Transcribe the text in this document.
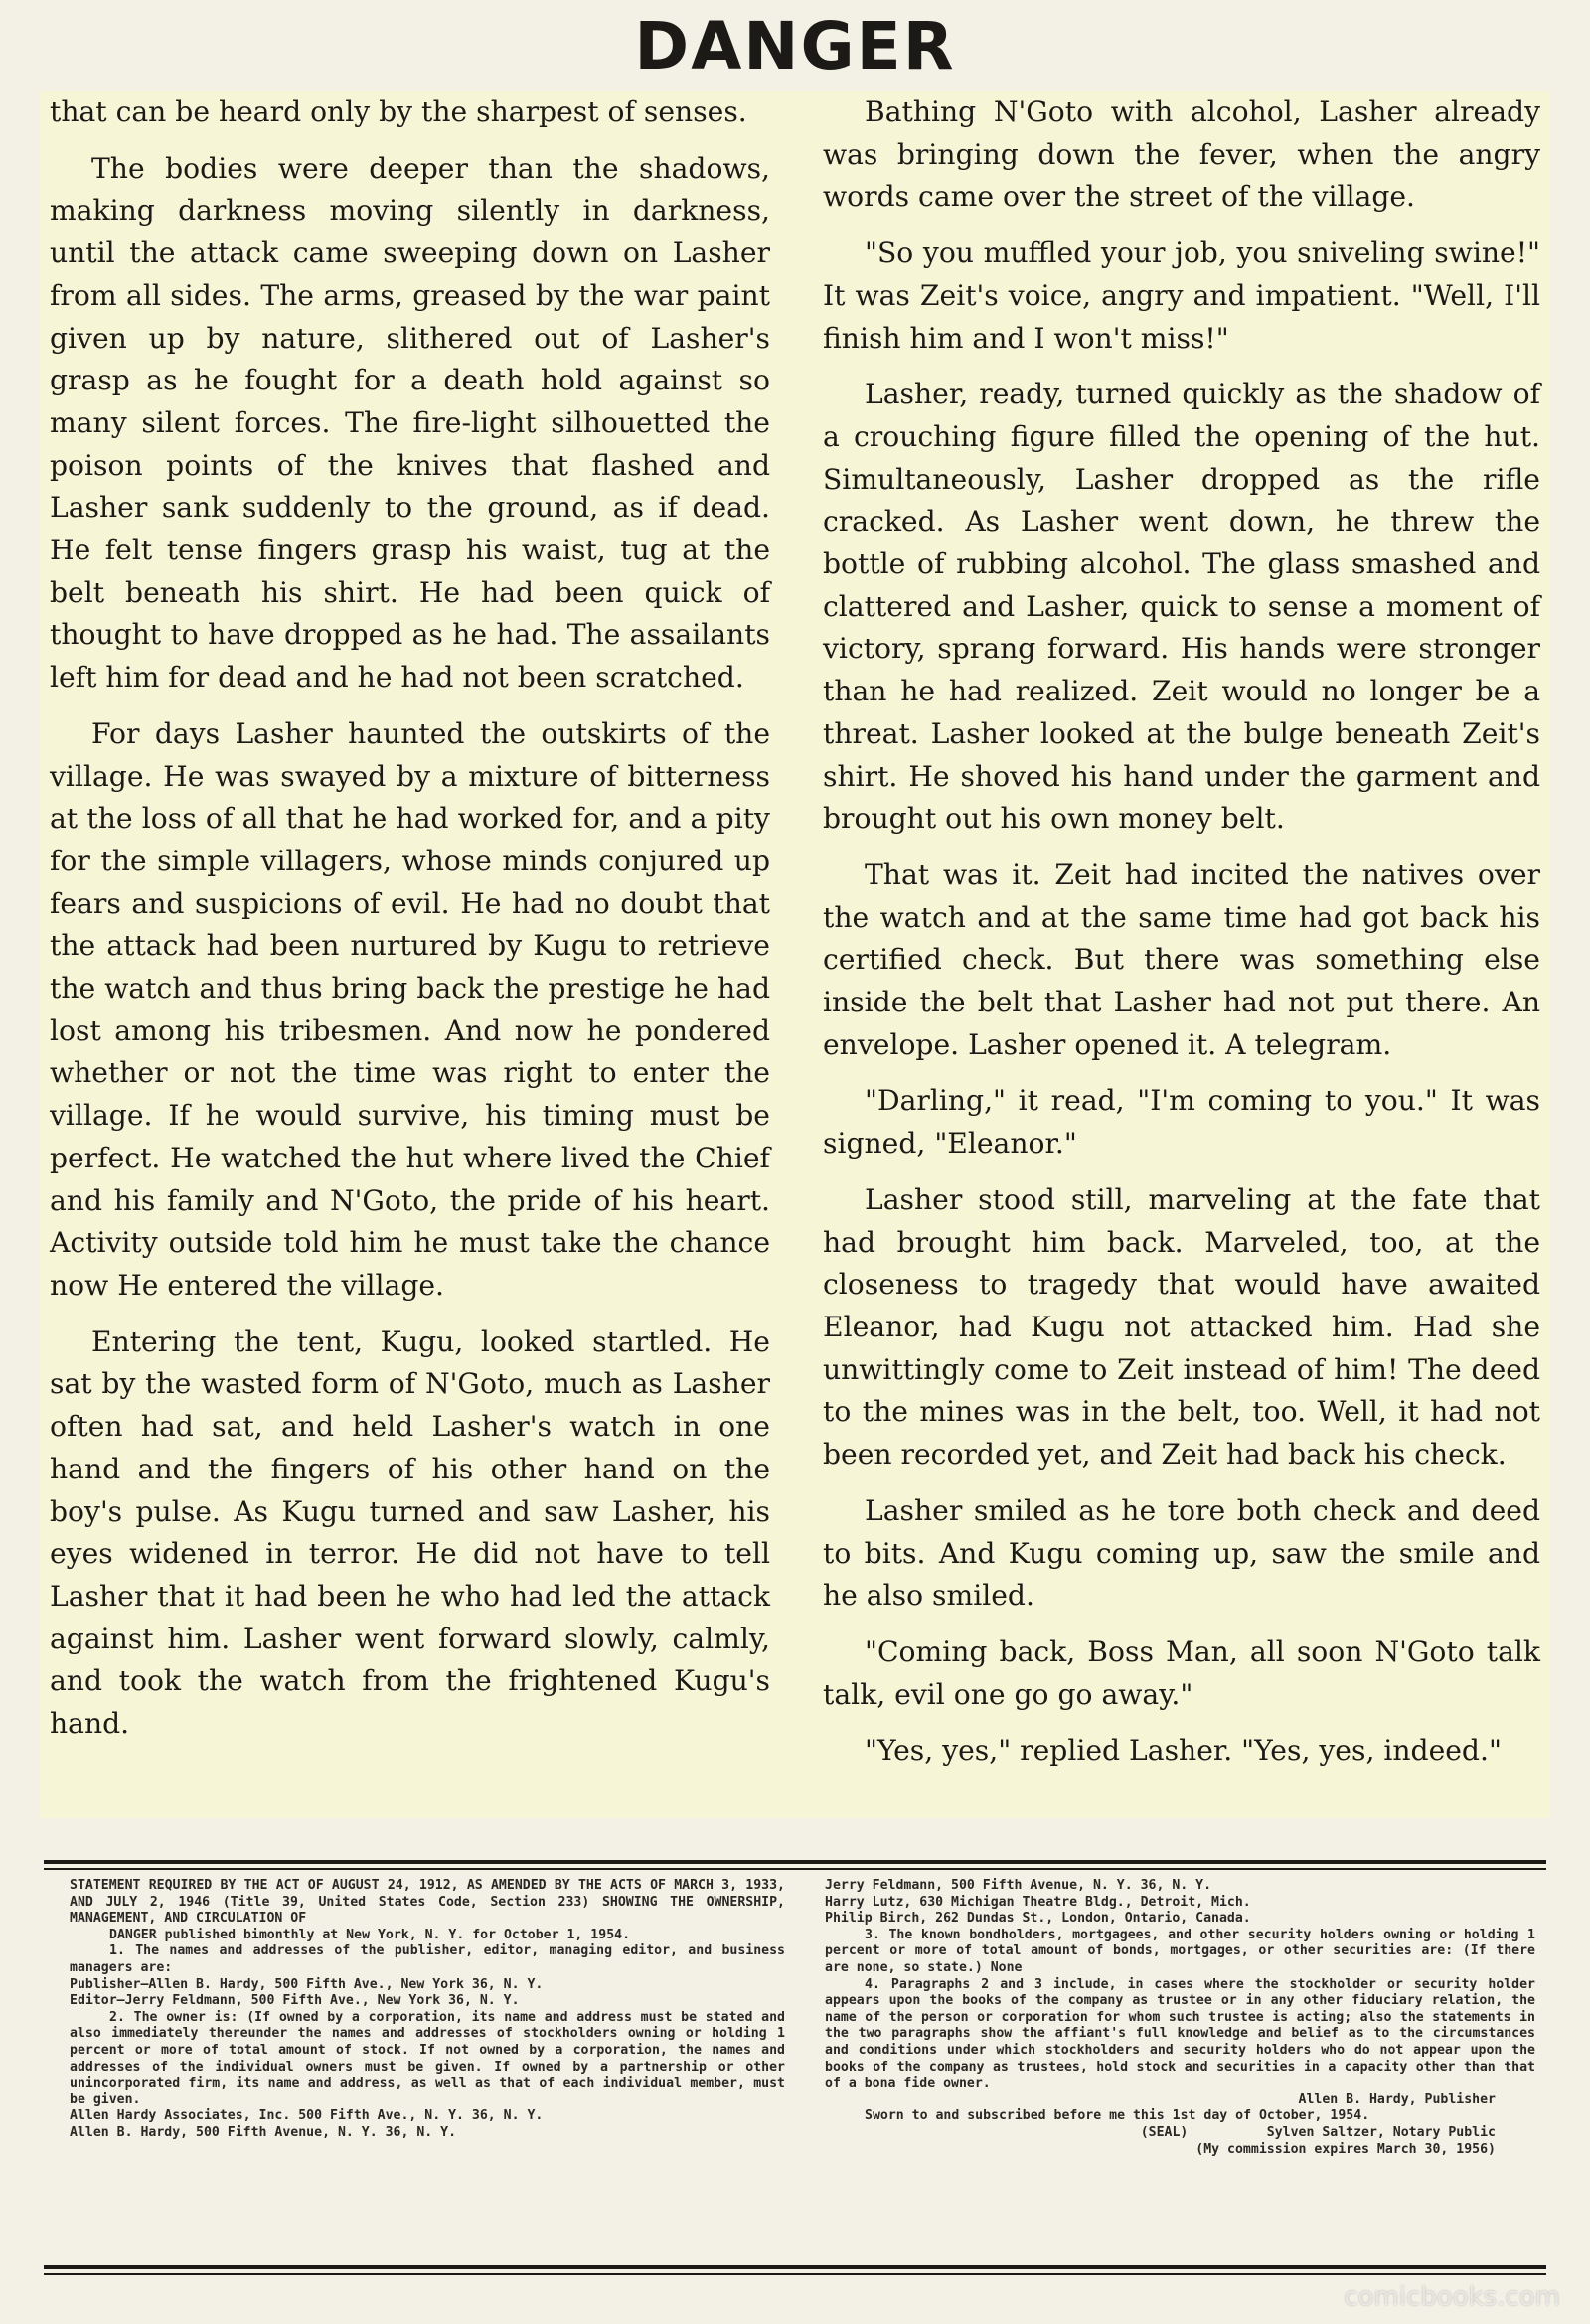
DANGER

that can be heard only by the sharpest of senses.

The bodies were deeper than the shadows, making darkness moving silently in darkness, until the attack came sweeping down on Lasher from all sides. The arms, greased by the war paint given up by nature, slithered out of Lasher's grasp as he fought for a death hold against so many silent forces. The fire-light silhouetted the poison points of the knives that flashed and Lasher sank suddenly to the ground, as if dead. He felt tense fingers grasp his waist, tug at the belt beneath his shirt. He had been quick of thought to have dropped as he had. The assailants left him for dead and he had not been scratched.

For days Lasher haunted the outskirts of the village. He was swayed by a mixture of bitterness at the loss of all that he had worked for, and a pity for the simple villagers, whose minds conjured up fears and suspicions of evil. He had no doubt that the attack had been nurtured by Kugu to retrieve the watch and thus bring back the prestige he had lost among his tribesmen. And now he pondered whether or not the time was right to enter the village. If he would survive, his timing must be perfect. He watched the hut where lived the Chief and his family and N'Goto, the pride of his heart. Activity outside told him he must take the chance now He entered the village.

Entering the tent, Kugu, looked startled. He sat by the wasted form of N'Goto, much as Lasher often had sat, and held Lasher's watch in one hand and the fingers of his other hand on the boy's pulse. As Kugu turned and saw Lasher, his eyes widened in terror. He did not have to tell Lasher that it had been he who had led the attack against him. Lasher went forward slowly, calmly, and took the watch from the frightened Kugu's hand.

Bathing N'Goto with alcohol, Lasher already was bringing down the fever, when the angry words came over the street of the village.

"So you muffled your job, you sniveling swine!" It was Zeit's voice, angry and impatient. "Well, I'll finish him and I won't miss!"

Lasher, ready, turned quickly as the shadow of a crouching figure filled the opening of the hut. Simultaneously, Lasher dropped as the rifle cracked. As Lasher went down, he threw the bottle of rubbing alcohol. The glass smashed and clattered and Lasher, quick to sense a moment of victory, sprang forward. His hands were stronger than he had realized. Zeit would no longer be a threat. Lasher looked at the bulge beneath Zeit's shirt. He shoved his hand under the garment and brought out his own money belt.

That was it. Zeit had incited the natives over the watch and at the same time had got back his certified check. But there was something else inside the belt that Lasher had not put there. An envelope. Lasher opened it. A telegram.

"Darling," it read, "I'm coming to you." It was signed, "Eleanor."

Lasher stood still, marveling at the fate that had brought him back. Marveled, too, at the closeness to tragedy that would have awaited Eleanor, had Kugu not attacked him. Had she unwittingly come to Zeit instead of him! The deed to the mines was in the belt, too. Well, it had not been recorded yet, and Zeit had back his check.

Lasher smiled as he tore both check and deed to bits. And Kugu coming up, saw the smile and he also smiled.

"Coming back, Boss Man, all soon N'Goto talk talk, evil one go go away."

"Yes, yes," replied Lasher. "Yes, yes, indeed."

STATEMENT REQUIRED BY THE ACT OF AUGUST 24, 1912, AS AMENDED BY THE ACTS OF MARCH 3, 1933, AND JULY 2, 1946 (Title 39, United States Code, Section 233) SHOWING THE OWNERSHIP, MANAGEMENT, AND CIRCULATION OF

DANGER published bimonthly at New York, N. Y. for October 1, 1954.

1. The names and addresses of the publisher, editor, managing editor, and business managers are:

Publisher—Allen B. Hardy, 500 Fifth Ave., New York 36, N. Y.

Editor—Jerry Feldmann, 500 Fifth Ave., New York 36, N. Y.

2. The owner is: (If owned by a corporation, its name and address must be stated and also immediately thereunder the names and addresses of stockholders owning or holding 1 percent or more of total amount of stock. If not owned by a corporation, the names and addresses of the individual owners must be given. If owned by a partnership or other unincorporated firm, its name and address, as well as that of each individual member, must be given.

Allen Hardy Associates, Inc. 500 Fifth Ave., N. Y. 36, N. Y.

Allen B. Hardy, 500 Fifth Avenue, N. Y. 36, N. Y.

Jerry Feldmann, 500 Fifth Avenue, N. Y. 36, N. Y.

Harry Lutz, 630 Michigan Theatre Bldg., Detroit, Mich.

Philip Birch, 262 Dundas St., London, Ontario, Canada.

3. The known bondholders, mortgagees, and other security holders owning or holding 1 percent or more of total amount of bonds, mortgages, or other securities are: (If there are none, so state.) None

4. Paragraphs 2 and 3 include, in cases where the stockholder or security holder appears upon the books of the company as trustee or in any other fiduciary relation, the name of the person or corporation for whom such trustee is acting; also the statements in the two paragraphs show the affiant's full knowledge and belief as to the circumstances and conditions under which stockholders and security holders who do not appear upon the books of the company as trustees, hold stock and securities in a capacity other than that of a bona fide owner.

Allen B. Hardy, Publisher

Sworn to and subscribed before me this 1st day of October, 1954.

(SEAL)          Sylven Saltzer, Notary Public

(My commission expires March 30, 1956)

comicbooks.com
